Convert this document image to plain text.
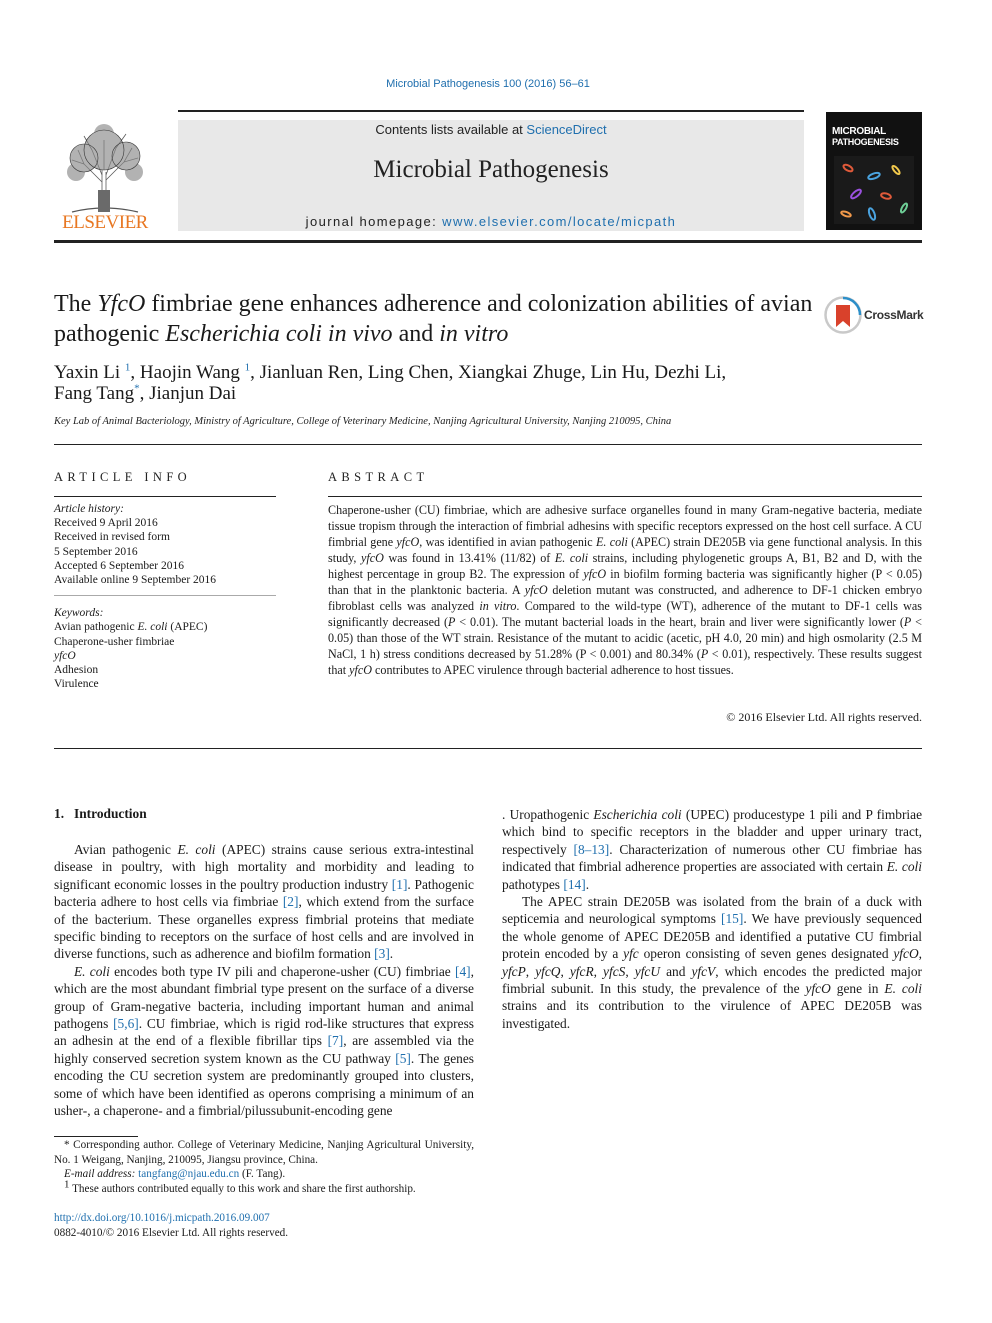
Microbial Pathogenesis 100 (2016) 56–61
ELSEVIER
Contents lists available at ScienceDirect
Microbial Pathogenesis
journal homepage: www.elsevier.com/locate/micpath
MICROBIAL
PATHOGENESIS
The YfcO fimbriae gene enhances adherence and colonization abilities of avian pathogenic Escherichia coli in vivo and in vitro
CrossMark
Yaxin Li $^1$, Haojin Wang $^1$, Jianluan Ren, Ling Chen, Xiangkai Zhuge, Lin Hu, Dezhi Li,
Fang Tang*, Jianjun Dai
Key Lab of Animal Bacteriology, Ministry of Agriculture, College of Veterinary Medicine, Nanjing Agricultural University, Nanjing 210095, China
ARTICLE INFO	ABSTRACT
Article history:
Received 9 April 2016
Received in revised form
5 September 2016
Accepted 6 September 2016
Available online 9 September 2016
Keywords:
Avian pathogenic E. coli (APEC)
Chaperone-usher fimbriae
yfcO
Adhesion
Virulence
Chaperone-usher (CU) fimbriae, which are adhesive surface organelles found in many Gram-negative bacteria, mediate tissue tropism through the interaction of fimbrial adhesins with specific receptors expressed on the host cell surface. A CU fimbrial gene yfcO, was identified in avian pathogenic E. coli (APEC) strain DE205B via gene functional analysis. In this study, yfcO was found in 13.41% (11/82) of E. coli strains, including phylogenetic groups A, B1, B2 and D, with the highest percentage in group B2. The expression of yfcO in biofilm forming bacteria was significantly higher (P < 0.05) than that in the planktonic bacteria. A yfcO deletion mutant was constructed, and adherence to DF-1 chicken embryo fibroblast cells was analyzed in vitro. Compared to the wild-type (WT), adherence of the mutant to DF-1 cells was significantly decreased (P < 0.01). The mutant bacterial loads in the heart, brain and liver were significantly lower (P < 0.05) than those of the WT strain. Resistance of the mutant to acidic (acetic, pH 4.0, 20 min) and high osmolarity (2.5 M NaCl, 1 h) stress conditions decreased by 51.28% (P < 0.001) and 80.34% (P < 0.01), respectively. These results suggest that yfcO contributes to APEC virulence through bacterial adherence to host tissues.
© 2016 Elsevier Ltd. All rights reserved.
1. Introduction

Avian pathogenic E. coli (APEC) strains cause serious extra-intestinal disease in poultry, with high mortality and morbidity and leading to significant economic losses in the poultry production industry [1]. Pathogenic bacteria adhere to host cells via fimbriae [2], which extend from the surface of the bacterium. These organelles express fimbrial proteins that mediate specific binding to receptors on the surface of host cells and are involved in diverse functions, such as adherence and biofilm formation [3].

E. coli encodes both type IV pili and chaperone-usher (CU) fimbriae [4], which are the most abundant fimbrial type present on the surface of a diverse group of Gram-negative bacteria, including important human and animal pathogens [5,6]. CU fimbriae, which is rigid rod-like structures that express an adhesin at the end of a flexible fibrillar tips [7], are assembled via the highly conserved secretion system known as the CU pathway [5]. The genes encoding the CU secretion system are predominantly grouped into clusters, some of which have been identified as operons comprising a minimum of an usher-, a chaperone- and a fimbrial/pilussubunit-encoding gene

. Uropathogenic Escherichia coli (UPEC) producestype 1 pili and P fimbriae which bind to specific receptors in the bladder and upper urinary tract, respectively [8–13]. Characterization of numerous other CU fimbriae has indicated that fimbrial adherence properties are associated with certain E. coli pathotypes [14].

The APEC strain DE205B was isolated from the brain of a duck with septicemia and neurological symptoms [15]. We have previously sequenced the whole genome of APEC DE205B and identified a putative CU fimbrial protein encoded by a yfc operon consisting of seven genes designated yfcO, yfcP, yfcQ, yfcR, yfcS, yfcU and yfcV, which encodes the predicted major fimbrial subunit. In this study, the prevalence of the yfcO gene in E. coli strains and its contribution to the virulence of APEC DE205B was investigated.

* Corresponding author. College of Veterinary Medicine, Nanjing Agricultural University, No. 1 Weigang, Nanjing, 210095, Jiangsu province, China.
E-mail address: tangfang@njau.edu.cn (F. Tang).
$^1$ These authors contributed equally to this work and share the first authorship.
http://dx.doi.org/10.1016/j.micpath.2016.09.007
0882-4010/© 2016 Elsevier Ltd. All rights reserved.
